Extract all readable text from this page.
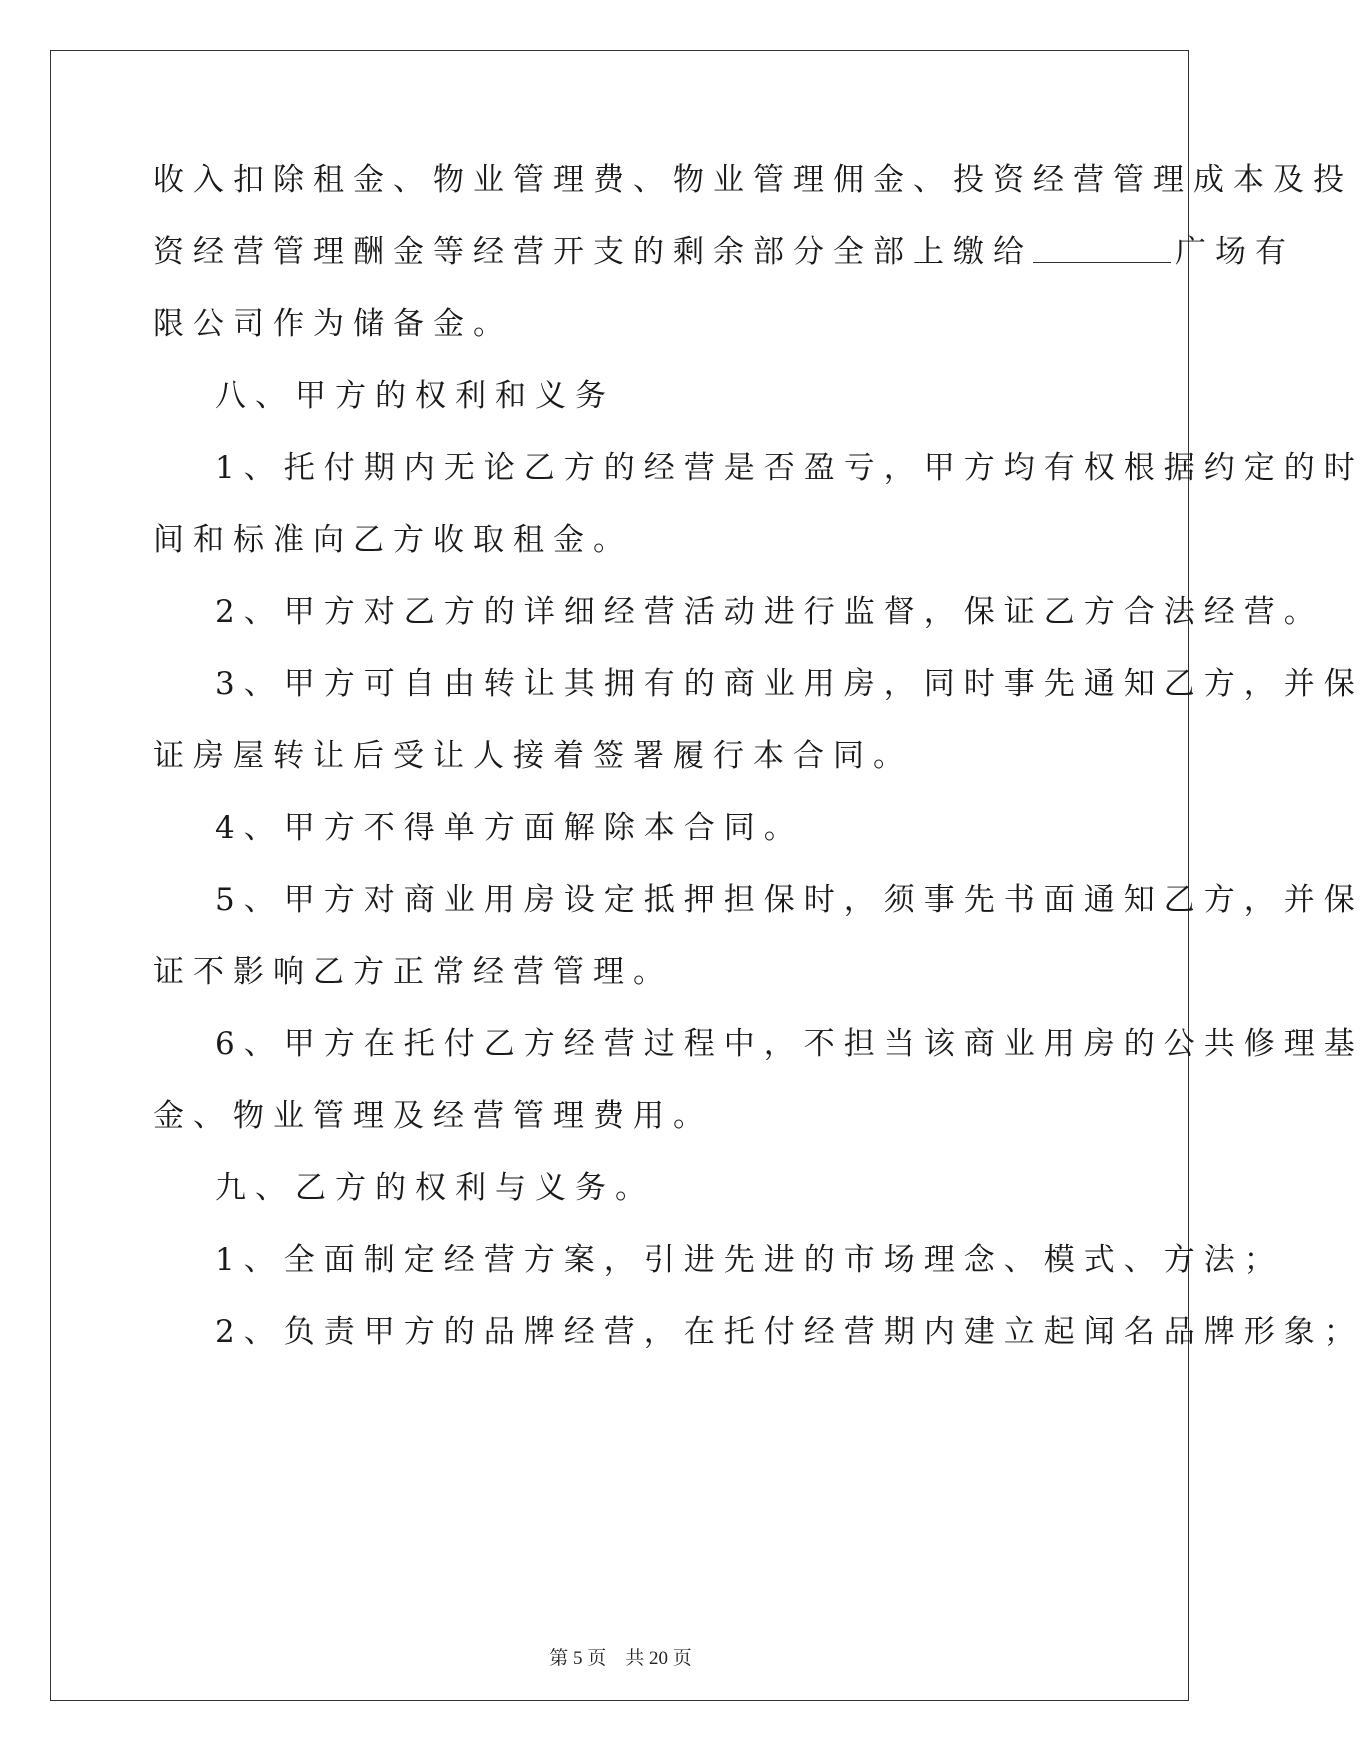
收入扣除租金、物业管理费、物业管理佣金、投资经营管理成本及投
资经营管理酬金等经营开支的剩余部分全部上缴给	广场有
限公司作为储备金。
八、甲方的权利和义务
1、托付期内无论乙方的经营是否盈亏，甲方均有权根据约定的时
间和标准向乙方收取租金。
2、甲方对乙方的详细经营活动进行监督，保证乙方合法经营。
3、甲方可自由转让其拥有的商业用房，同时事先通知乙方，并保
证房屋转让后受让人接着签署履行本合同。
4、甲方不得单方面解除本合同。
5、甲方对商业用房设定抵押担保时，须事先书面通知乙方，并保
证不影响乙方正常经营管理。
6、甲方在托付乙方经营过程中，不担当该商业用房的公共修理基
金、物业管理及经营管理费用。
九、乙方的权利与义务。
1、全面制定经营方案，引进先进的市场理念、模式、方法；
2、负责甲方的品牌经营，在托付经营期内建立起闻名品牌形象；
第 5 页    共 20 页
